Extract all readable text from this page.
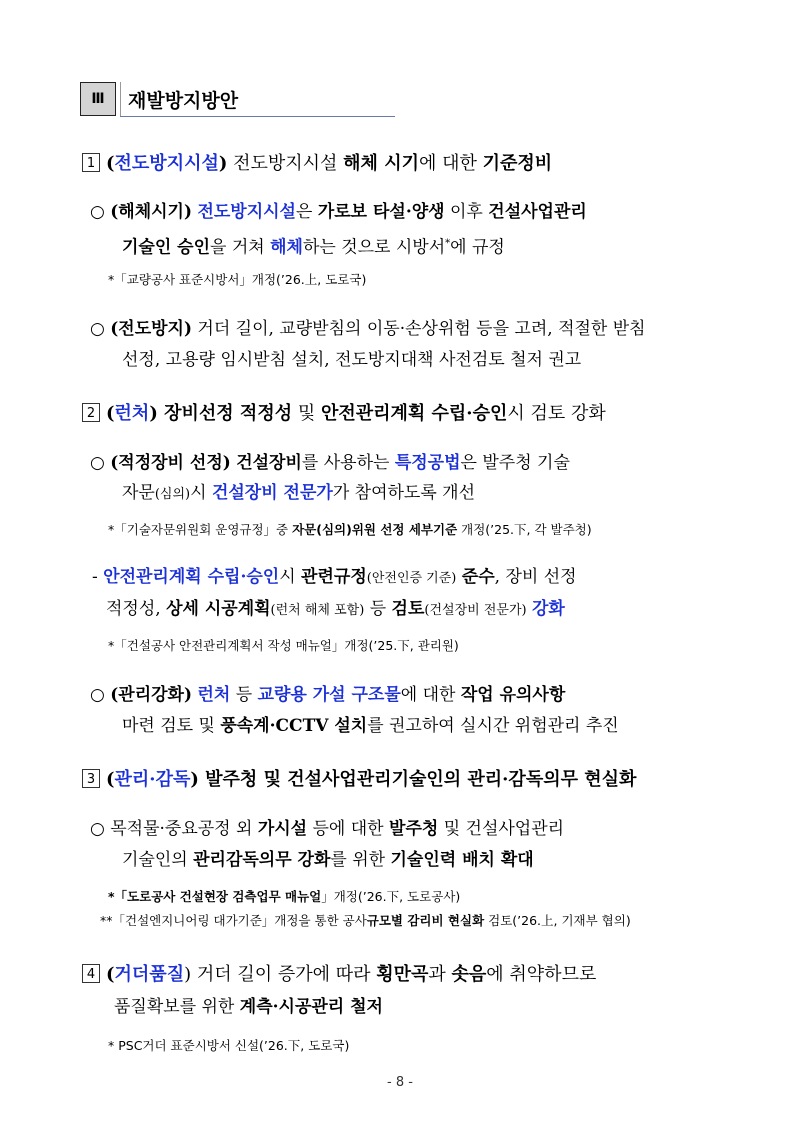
Ⅲ	재발방지방안
1 (전도방지시설) 전도방지시설 해체 시기에 대한 기준정비
○ (해체시기) 전도방지시설은 가로보 타설·양생 이후 건설사업관리
기술인 승인을 거쳐 해체하는 것으로 시방서*에 규정
*「교량공사 표준시방서」개정(’26.上, 도로국)
○ (전도방지) 거더 길이, 교량받침의 이동·손상위험 등을 고려, 적절한 받침
선정, 고용량 임시받침 설치, 전도방지대책 사전검토 철저 권고
2 (런처) 장비선정 적정성 및 안전관리계획 수립·승인시 검토 강화
○ (적정장비 선정) 건설장비를 사용하는 특정공법은 발주청 기술
자문(심의)시 건설장비 전문가가 참여하도록 개선
*「기술자문위원회 운영규정」중 자문(심의)위원 선정 세부기준 개정(’25.下, 각 발주청)
- 안전관리계획 수립·승인시 관련규정(안전인증 기준) 준수, 장비 선정
적정성, 상세 시공계획(런처 해체 포함) 등 검토(건설장비 전문가) 강화
*「건설공사 안전관리계획서 작성 매뉴얼」개정(’25.下, 관리원)
○ (관리강화) 런처 등 교량용 가설 구조물에 대한 작업 유의사항
마련 검토 및 풍속계·CCTV 설치를 권고하여 실시간 위험관리 추진
3 (관리·감독) 발주청 및 건설사업관리기술인의 관리·감독의무 현실화
○ 목적물·중요공정 외 가시설 등에 대한 발주청 및 건설사업관리
기술인의 관리감독의무 강화를 위한 기술인력 배치 확대
*「도로공사 건설현장 검측업무 매뉴얼」개정(’26.下, 도로공사)
**「건설엔지니어링 대가기준」개정을 통한 공사규모별 감리비 현실화 검토(’26.上, 기재부 협의)
4 (거더품질) 거더 길이 증가에 따라 횡만곡과 솟음에 취약하므로
품질확보를 위한 계측·시공관리 철저
* PSC거더 표준시방서 신설(’26.下, 도로국)
- 8 -
